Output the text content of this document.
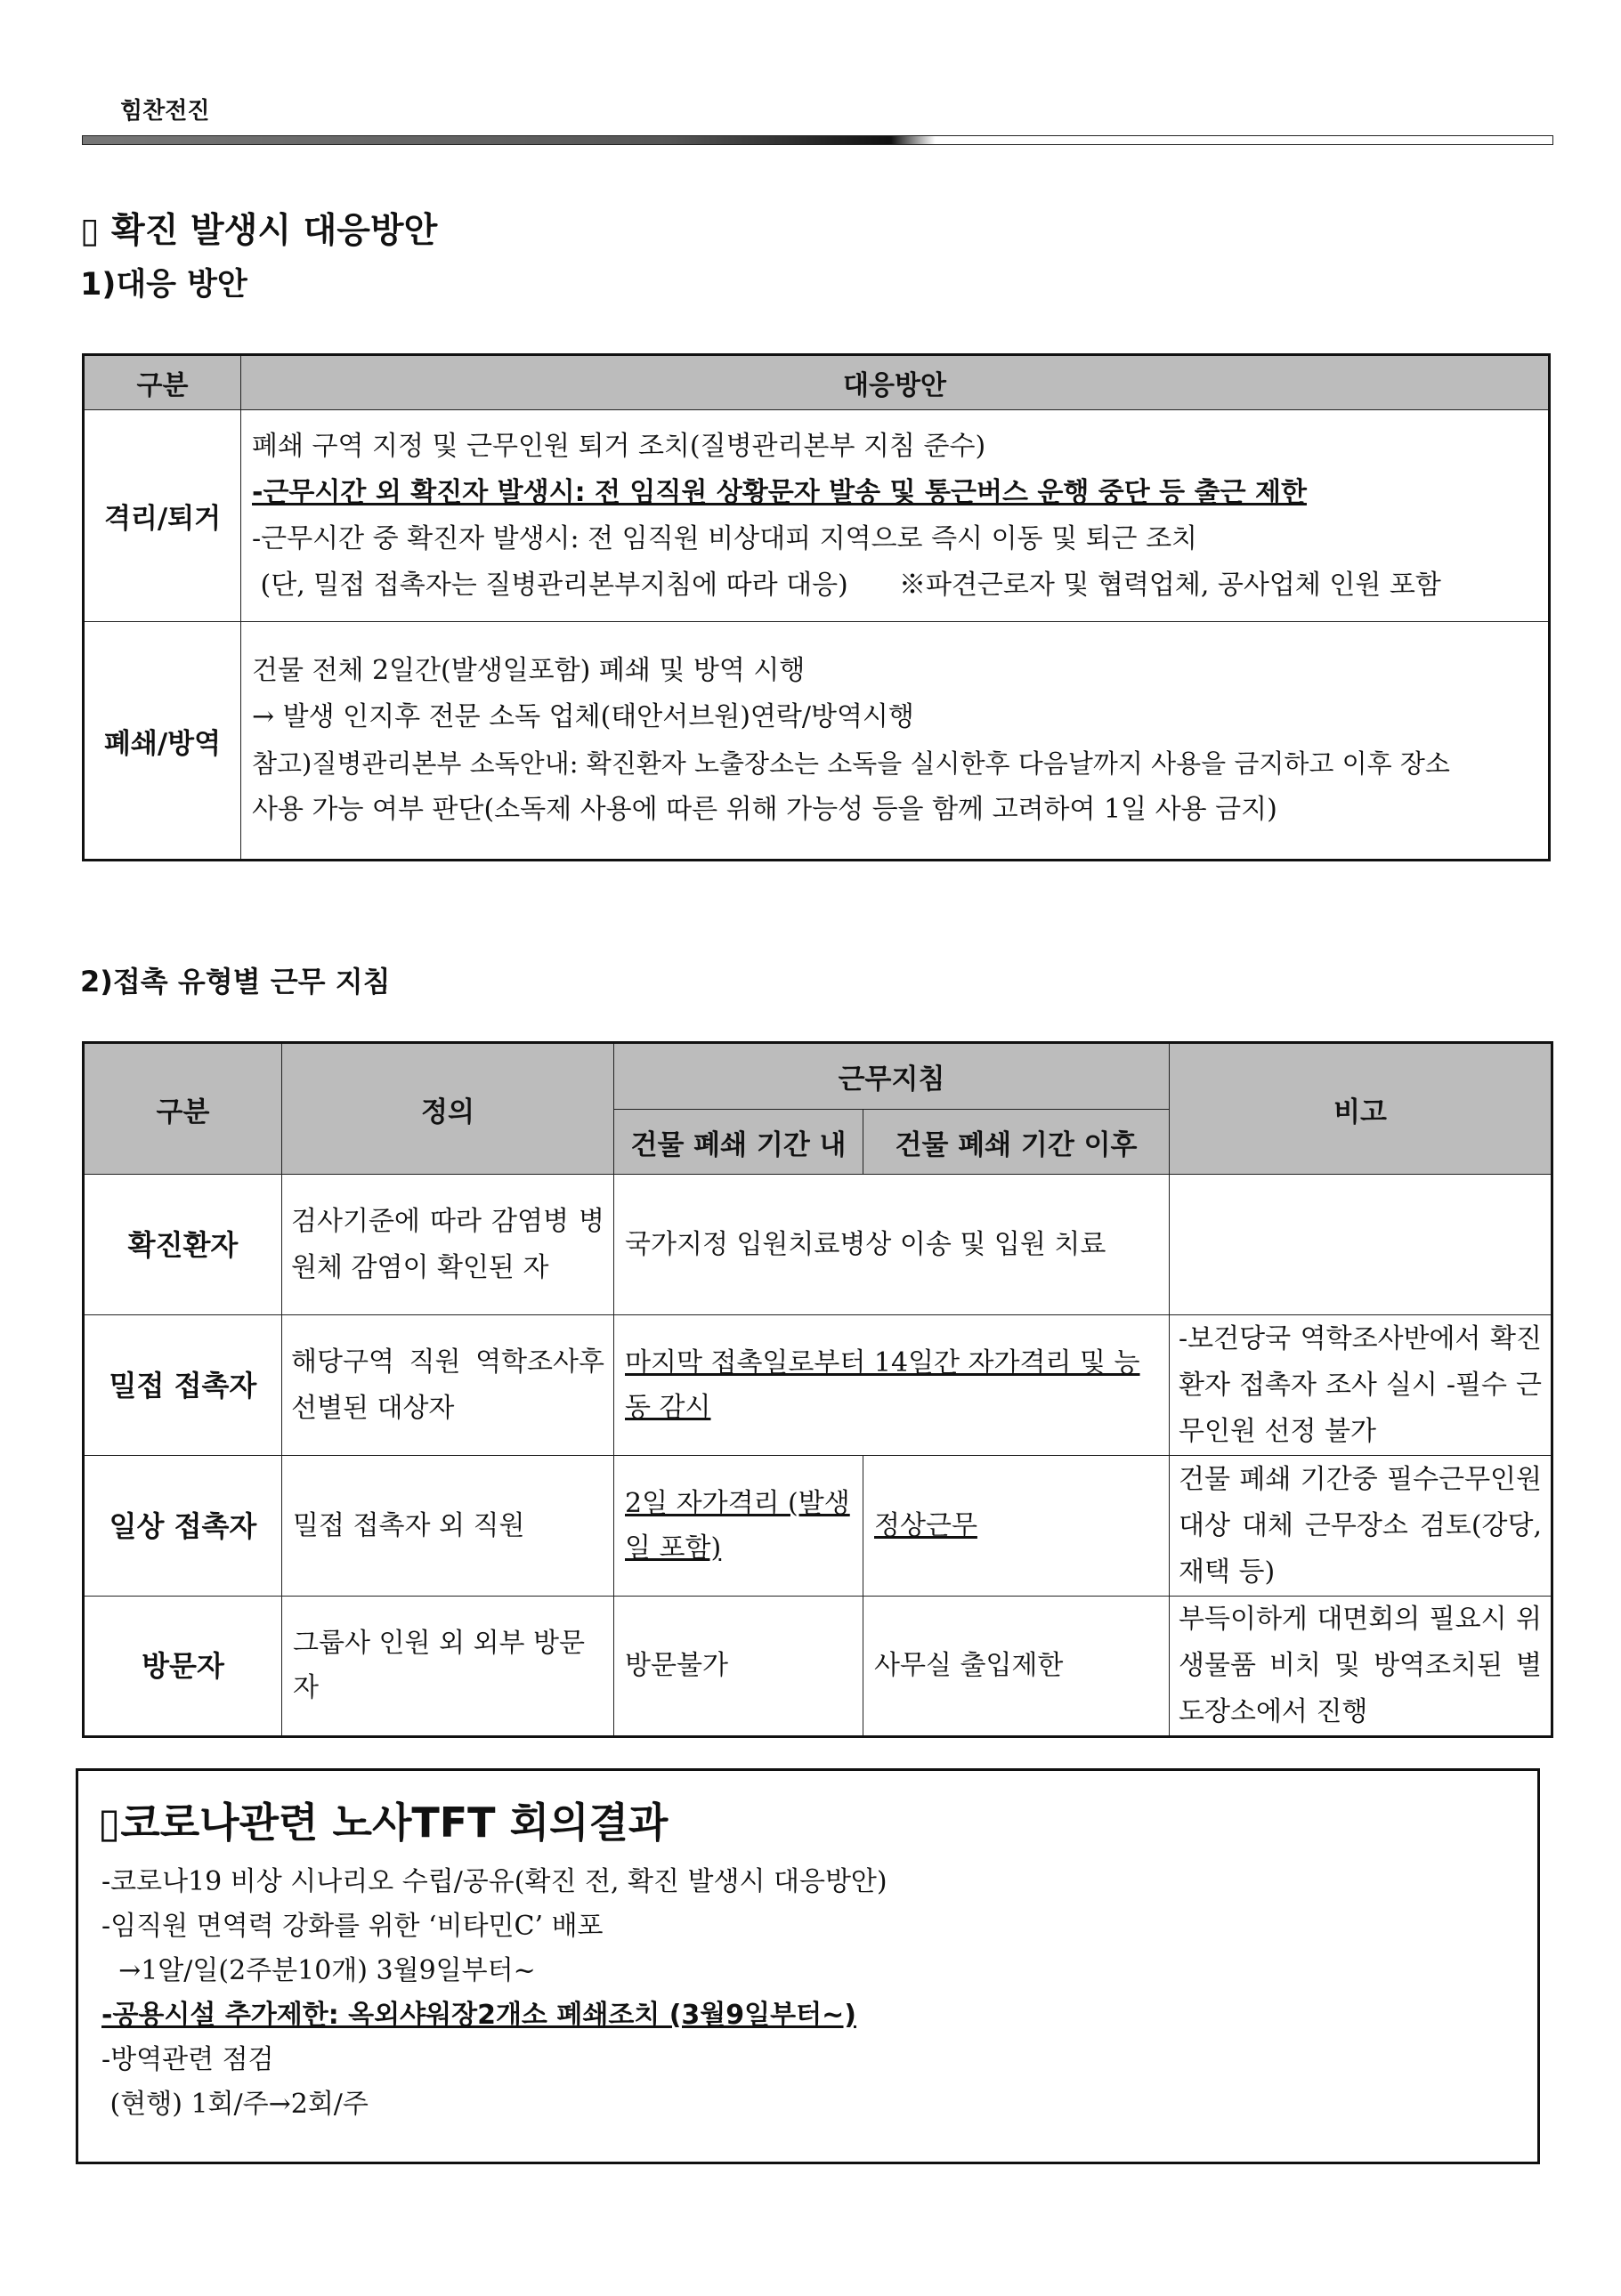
힘찬전진
▯ 확진 발생시 대응방안
1)대응 방안
구분	대응방안
격리/퇴거	폐쇄 구역 지정 및 근무인원 퇴거 조치(질병관리본부 지침 준수)
-근무시간 외 확진자 발생시: 전 임직원 상황문자 발송 및 통근버스 운행 중단 등 출근 제한
-근무시간 중 확진자 발생시: 전 임직원 비상대피 지역으로 즉시 이동 및 퇴근 조치
(단, 밀접 접촉자는 질병관리본부지침에 따라 대응)      ※파견근로자 및 협력업체, 공사업체 인원 포함

폐쇄/방역	건물 전체 2일간(발생일포함) 폐쇄 및 방역 시행
→ 발생 인지후 전문 소독 업체(태안서브원)연락/방역시행
참고)질병관리본부 소독안내: 확진환자 노출장소는 소독을 실시한후 다음날까지 사용을 금지하고 이후 장소
사용 가능 여부 판단(소독제 사용에 따른 위해 가능성 등을 함께 고려하여 1일 사용 금지)
2)접촉 유형별 근무 지침
구분	정의	근무지침		비고
		건물 폐쇄 기간 내	건물 폐쇄 기간 이후	
확진환자	검사기준에 따라 감염병 병원체 감염이 확인된 자	국가지정 입원치료병상 이송 및 입원 치료		
밀접 접촉자	해당구역 직원 역학조사후 선별된 대상자	마지막 접촉일로부터 14일간 자가격리 및 능동 감시		-보건당국 역학조사반에서 확진환자 접촉자 조사 실시 -필수 근무인원 선정 불가
일상 접촉자	밀접 접촉자 외 직원	2일 자가격리 (발생일 포함)	정상근무	건물 폐쇄 기간중 필수근무인원 대상 대체 근무장소 검토(강당,재택 등)
방문자	그룹사 인원 외 외부 방문자	방문불가	사무실 출입제한	부득이하게 대면회의 필요시 위생물품 비치 및 방역조치된 별도장소에서 진행
▯코로나관련 노사TFT 회의결과
-코로나19 비상 시나리오 수립/공유(확진 전, 확진 발생시 대응방안)
-임직원 면역력 강화를 위한 ‘비타민C’ 배포
→1알/일(2주분10개) 3월9일부터~
-공용시설 추가제한: 옥외샤워장2개소 폐쇄조치 (3월9일부터~)
-방역관련 점검
(현행) 1회/주→2회/주
